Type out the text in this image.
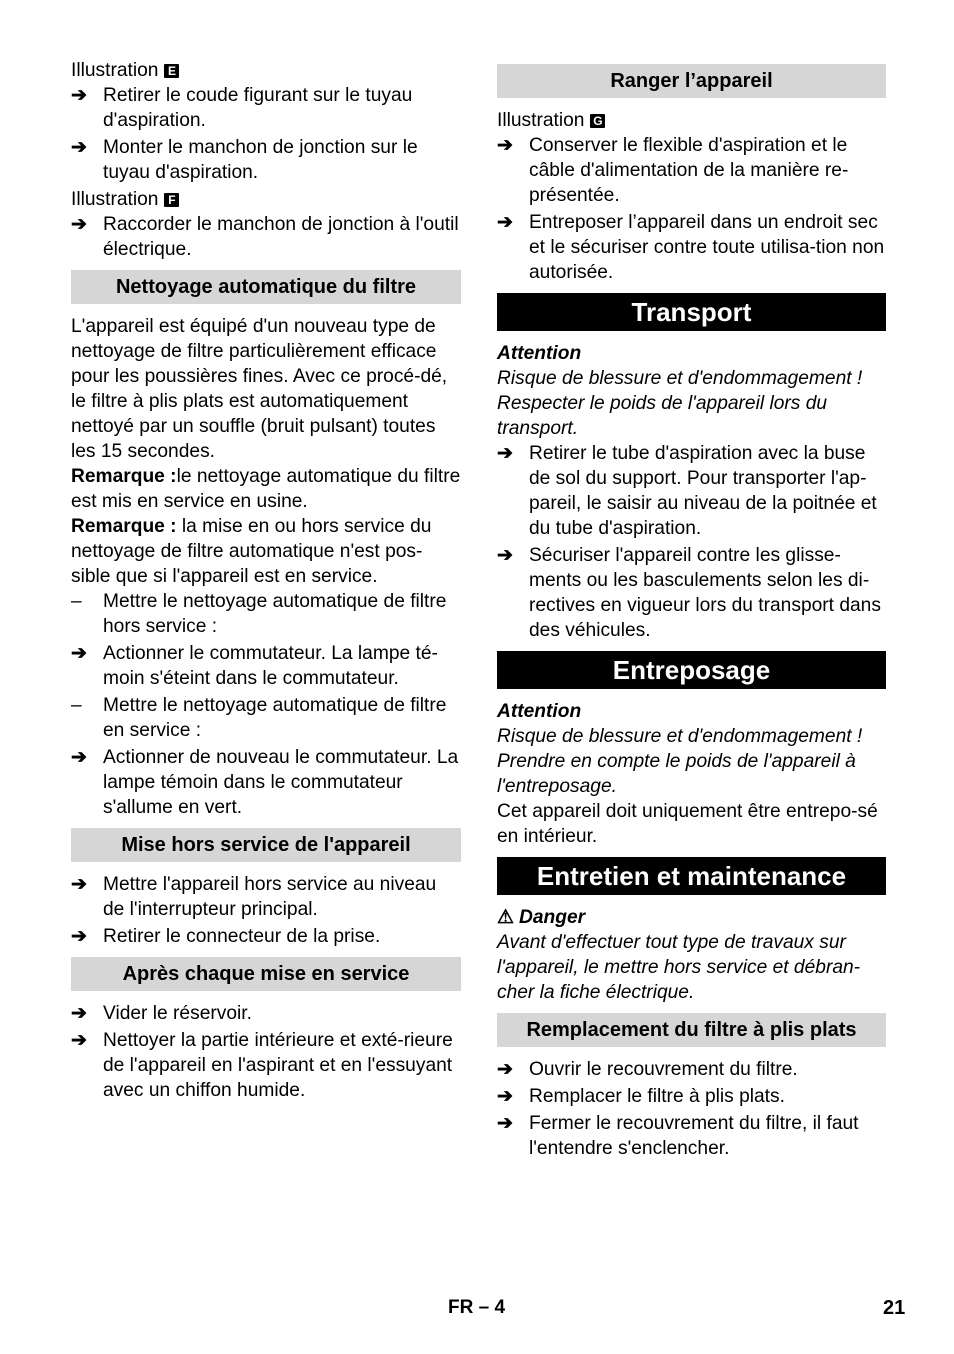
Illustration E
➔ Retirer le coude figurant sur le tuyau d'aspiration.
➔ Monter le manchon de jonction sur le tuyau d'aspiration.
Illustration F
➔ Raccorder le manchon de jonction à l'outil électrique.
Nettoyage automatique du filtre

L'appareil est équipé d'un nouveau type de nettoyage de filtre particulièrement efficace pour les poussières fines. Avec ce procé-dé, le filtre à plis plats est automatiquement nettoyé par un souffle (bruit pulsant) toutes les 15 secondes.

Remarque :le nettoyage automatique du filtre est mis en service en usine.

Remarque : la mise en ou hors service du nettoyage de filtre automatique n'est pos-sible que si l'appareil est en service.

–	Mettre le nettoyage automatique de filtre hors service :
➔ Actionner le commutateur. La lampe té-moin s'éteint dans le commutateur.
–	Mettre le nettoyage automatique de filtre en service :
➔ Actionner de nouveau le commutateur. La lampe témoin dans le commutateur s'allume en vert.
Mise hors service de l'appareil
➔ Mettre l'appareil hors service au niveau de l'interrupteur principal.
➔ Retirer le connecteur de la prise.
Après chaque mise en service
➔ Vider le réservoir.
➔ Nettoyer la partie intérieure et exté-rieure de l'appareil en l'aspirant et en l'essuyant avec un chiffon humide.
Ranger l’appareil
Illustration G
➔ Conserver le flexible d'aspiration et le câble d'alimentation de la manière re-présentée.
➔ Entreposer l’appareil dans un endroit sec et le sécuriser contre toute utilisa-tion non autorisée.
Transport

Attention

Risque de blessure et d'endommagement ! Respecter le poids de l'appareil lors du transport.

➔ Retirer le tube d'aspiration avec la buse de sol du support. Pour transporter l'ap-pareil, le saisir au niveau de la poitnée et du tube d'aspiration.
➔ Sécuriser l'appareil contre les glisse-ments ou les basculements selon les di-rectives en vigueur lors du transport dans des véhicules.
Entreposage

Attention

Risque de blessure et d'endommagement ! Prendre en compte le poids de l'appareil à l'entreposage.

Cet appareil doit uniquement être entrepo-sé en intérieur.

Entretien et maintenance
⚠ Danger

Avant d'effectuer tout type de travaux sur l'appareil, le mettre hors service et débran-cher la fiche électrique.

Remplacement du filtre à plis plats
➔ Ouvrir le recouvrement du filtre.
➔ Remplacer le filtre à plis plats.
➔ Fermer le recouvrement du filtre, il faut l'entendre s'enclencher.
FR – 4	21
